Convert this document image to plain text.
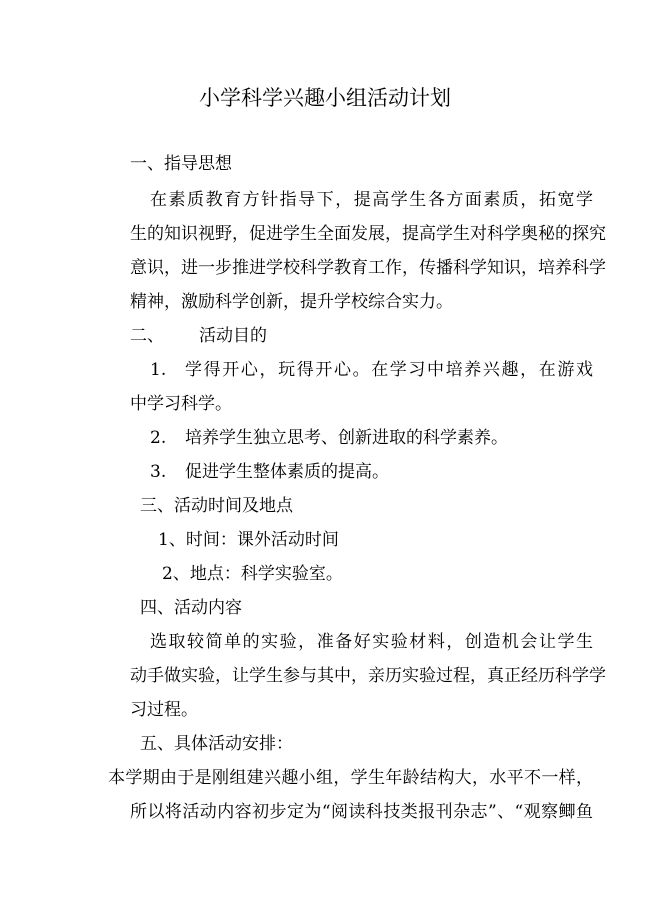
小学科学兴趣小组活动计划
一、指导思想
在素质教育方针指导下，提高学生各方面素质，拓宽学
生的知识视野，促进学生全面发展，提高学生对科学奥秘的探究
意识，进一步推进学校科学教育工作，传播科学知识，培养科学
精神，激励科学创新，提升学校综合实力。
二、 活动目的
1. 学得开心，玩得开心。在学习中培养兴趣，在游戏
中学习科学。
2. 培养学生独立思考、创新进取的科学素养。
3. 促进学生整体素质的提高。
三、活动时间及地点
1、时间：课外活动时间
2、地点：科学实验室。
四、活动内容
选取较简单的实验，准备好实验材料，创造机会让学生
动手做实验，让学生参与其中，亲历实验过程，真正经历科学学
习过程。
五、具体活动安排：
本学期由于是刚组建兴趣小组，学生年龄结构大，水平不一样，
所以将活动内容初步定为“阅读科技类报刊杂志”、“观察鲫鱼
